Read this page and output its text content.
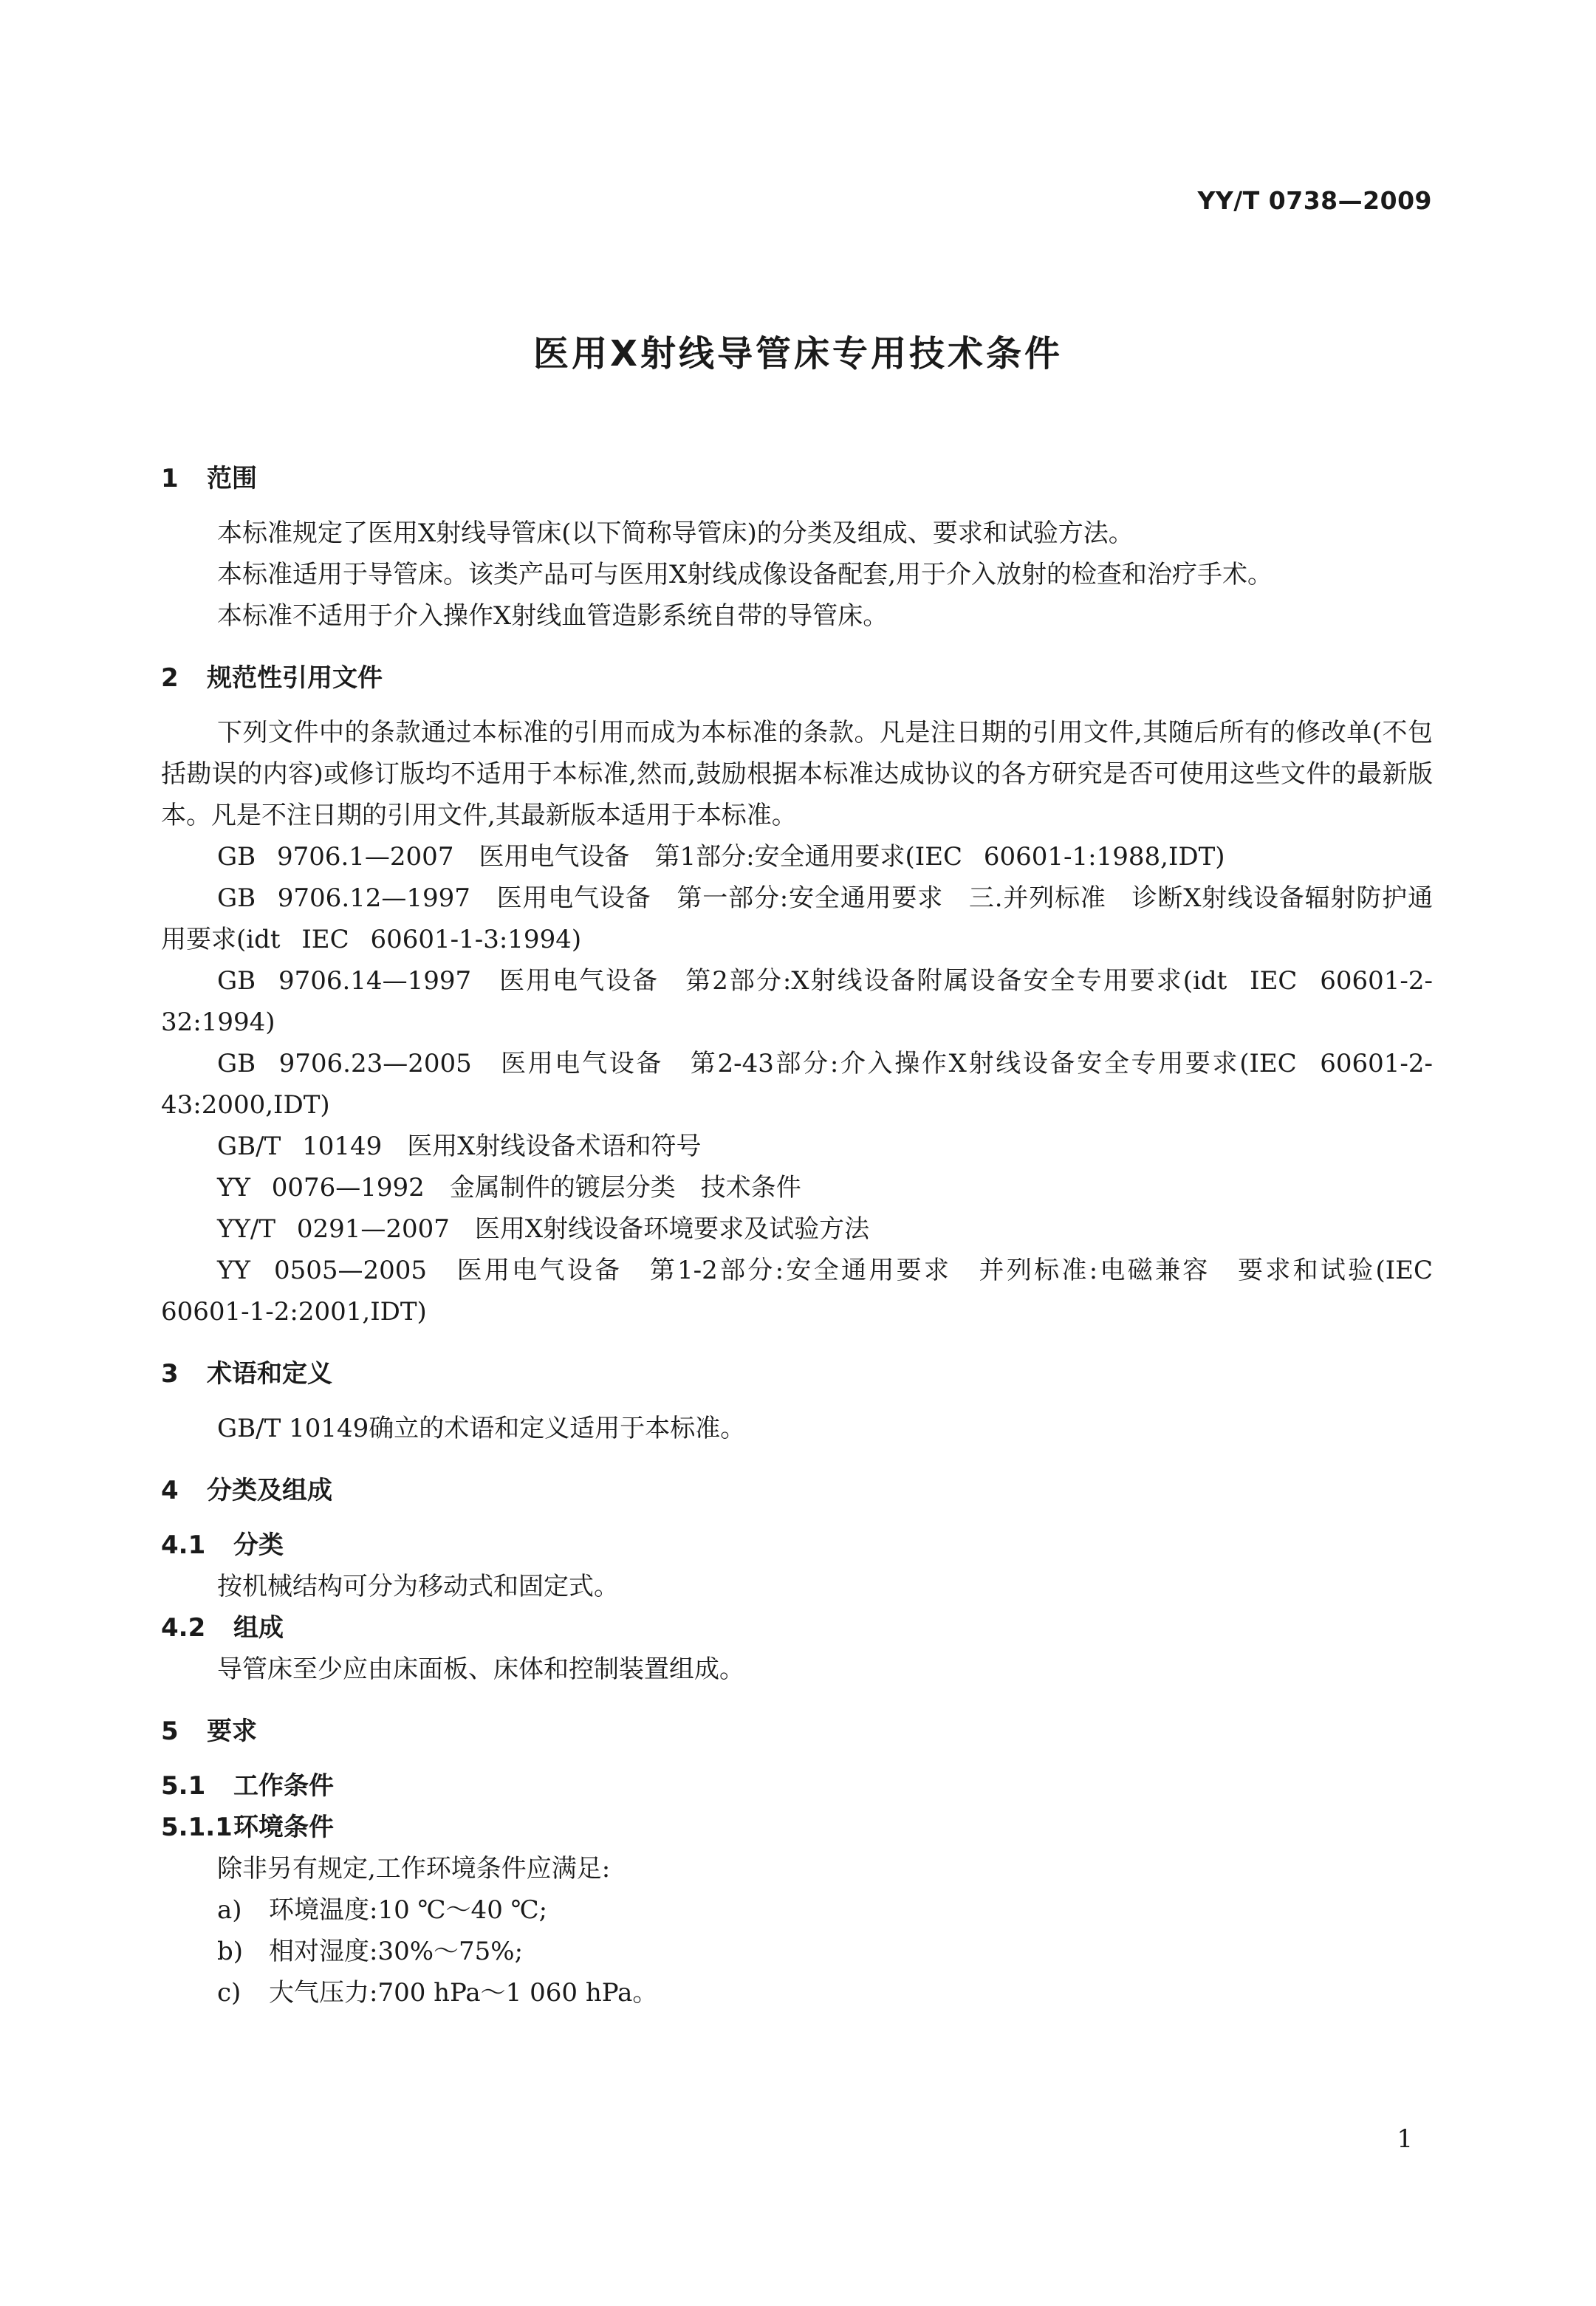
YY/T 0738—2009
医用X射线导管床专用技术条件
1 范围

本标准规定了医用X射线导管床(以下简称导管床)的分类及组成、要求和试验方法。

本标准适用于导管床。该类产品可与医用X射线成像设备配套,用于介入放射的检查和治疗手术。

本标准不适用于介入操作X射线血管造影系统自带的导管床。

2 规范性引用文件

下列文件中的条款通过本标准的引用而成为本标准的条款。凡是注日期的引用文件,其随后所有的修改单(不包括勘误的内容)或修订版均不适用于本标准,然而,鼓励根据本标准达成协议的各方研究是否可使用这些文件的最新版本。凡是不注日期的引用文件,其最新版本适用于本标准。

GB 9706.1—2007　医用电气设备　第1部分:安全通用要求(IEC 60601-1:1988,IDT)

GB 9706.12—1997　医用电气设备　第一部分:安全通用要求　三.并列标准　诊断X射线设备辐射防护通用要求(idt IEC 60601-1-3:1994)

GB 9706.14—1997　医用电气设备　第2部分:X射线设备附属设备安全专用要求(idt IEC 60601-2-32:1994)

GB 9706.23—2005　医用电气设备　第2-43部分:介入操作X射线设备安全专用要求(IEC 60601-2-43:2000,IDT)

GB/T 10149　医用X射线设备术语和符号

YY 0076—1992　金属制件的镀层分类　技术条件

YY/T 0291—2007　医用X射线设备环境要求及试验方法

YY 0505—2005　医用电气设备　第1-2部分:安全通用要求　并列标准:电磁兼容　要求和试验(IEC 60601-1-2:2001,IDT)

3 术语和定义

GB/T 10149确立的术语和定义适用于本标准。

4 分类及组成
4.1 分类

按机械结构可分为移动式和固定式。

4.2 组成

导管床至少应由床面板、床体和控制装置组成。

5 要求
5.1 工作条件
5.1.1环境条件

除非另有规定,工作环境条件应满足:

a) 环境温度:10 ℃～40 ℃;

b) 相对湿度:30%～75%;

c) 大气压力:700 hPa～1 060 hPa。

1
